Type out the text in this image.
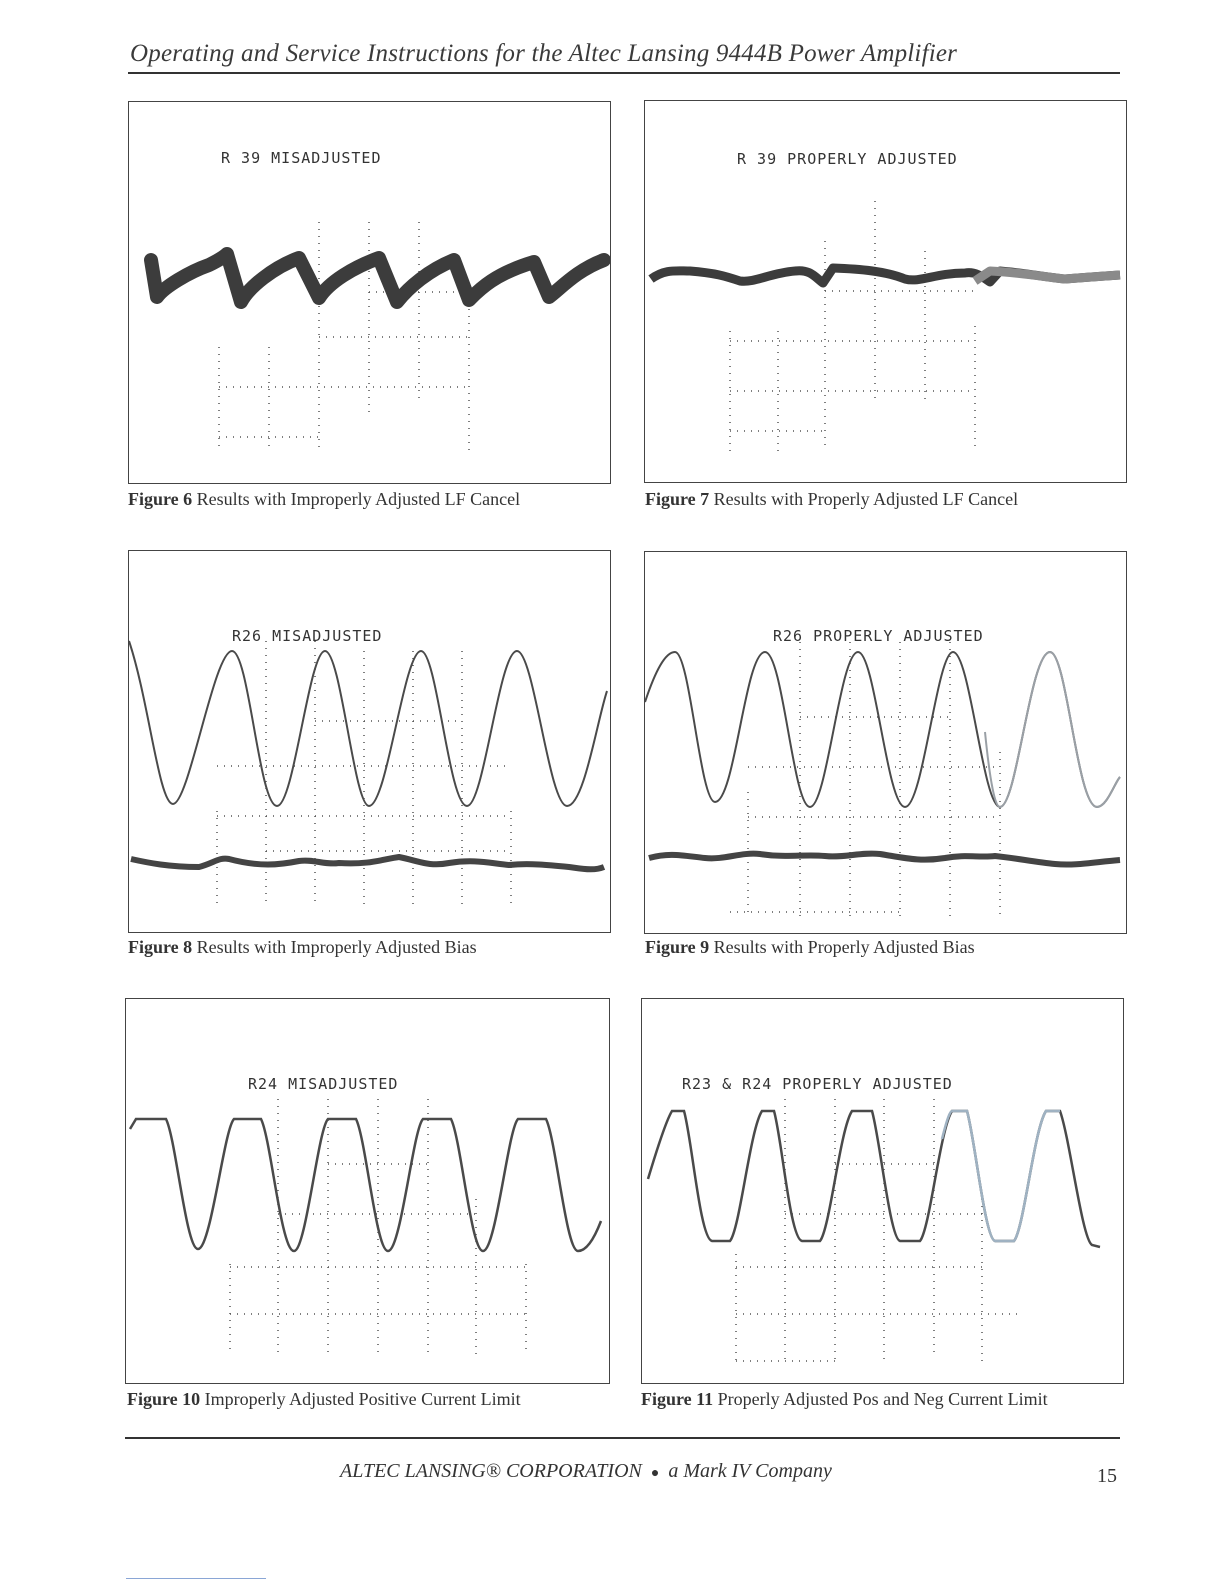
Operating and Service Instructions for the Altec Lansing 9444B Power Amplifier
R 39 MISADJUSTED
Figure 6 Results with Improperly Adjusted LF Cancel
R 39 PROPERLY ADJUSTED
Figure 7 Results with Properly Adjusted LF Cancel
R26 MISADJUSTED
Figure 8 Results with Improperly Adjusted Bias
R26 PROPERLY ADJUSTED
Figure 9 Results with Properly Adjusted Bias
R24 MISADJUSTED
Figure 10 Improperly Adjusted Positive Current Limit
R23 & R24 PROPERLY ADJUSTED
Figure 11 Properly Adjusted Pos and Neg Current Limit
ALTEC LANSING® CORPORATION ● a Mark IV Company	15
